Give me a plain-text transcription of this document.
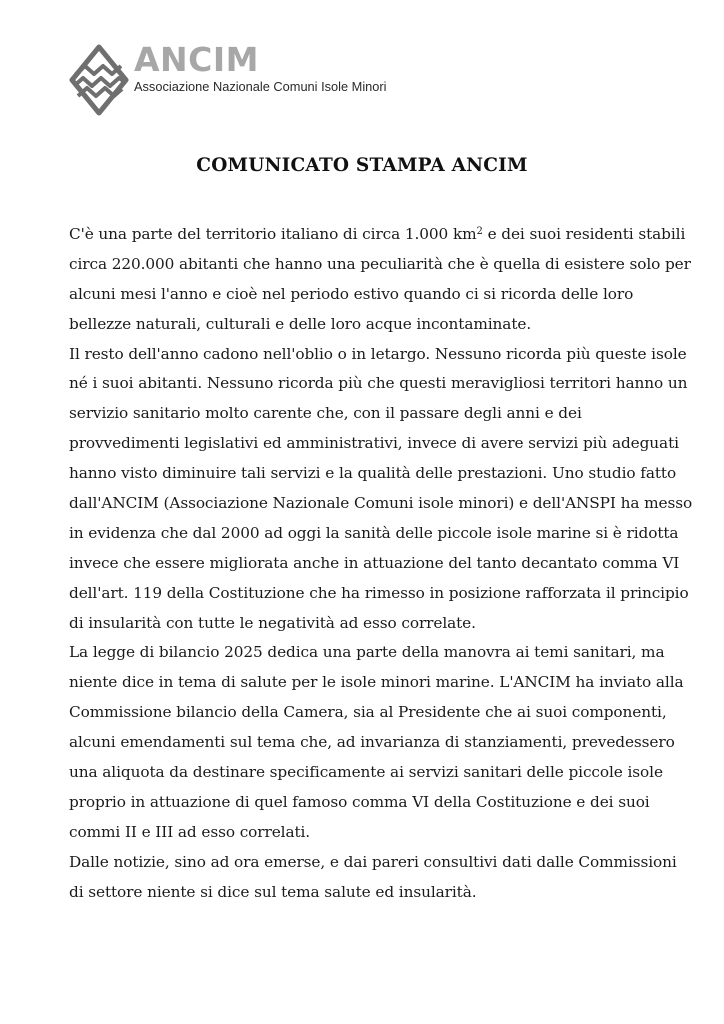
ANCIM
Associazione Nazionale Comuni Isole Minori
COMUNICATO STAMPA ANCIM
C'è una parte del territorio italiano di circa 1.000 $km^2$ e dei suoi residenti stabili
circa 220.000 abitanti che hanno una peculiarità che è quella di esistere solo per
alcuni mesi l'anno e cioè nel periodo estivo quando ci si ricorda delle loro
bellezze naturali, culturali e delle loro acque incontaminate.
Il resto dell'anno cadono nell'oblio o in letargo. Nessuno ricorda più queste isole
né i suoi abitanti. Nessuno ricorda più che questi meravigliosi territori hanno un
servizio sanitario molto carente che, con il passare degli anni e dei
provvedimenti legislativi ed amministrativi, invece di avere servizi più adeguati
hanno visto diminuire tali servizi e la qualità delle prestazioni. Uno studio fatto
dall'ANCIM (Associazione Nazionale Comuni isole minori) e dell'ANSPI ha messo
in evidenza che dal 2000 ad oggi la sanità delle piccole isole marine si è ridotta
invece che essere migliorata anche in attuazione del tanto decantato comma VI
dell'art. 119 della Costituzione che ha rimesso in posizione rafforzata il principio
di insularità con tutte le negatività ad esso correlate.
La legge di bilancio 2025 dedica una parte della manovra ai temi sanitari, ma
niente dice in tema di salute per le isole minori marine. L'ANCIM ha inviato alla
Commissione bilancio della Camera, sia al Presidente che ai suoi componenti,
alcuni emendamenti sul tema che, ad invarianza di stanziamenti, prevedessero
una aliquota da destinare specificamente ai servizi sanitari delle piccole isole
proprio in attuazione di quel famoso comma VI della Costituzione e dei suoi
commi II e III ad esso correlati.
Dalle notizie, sino ad ora emerse, e dai pareri consultivi dati dalle Commissioni
di settore niente si dice sul tema salute ed insularità.
